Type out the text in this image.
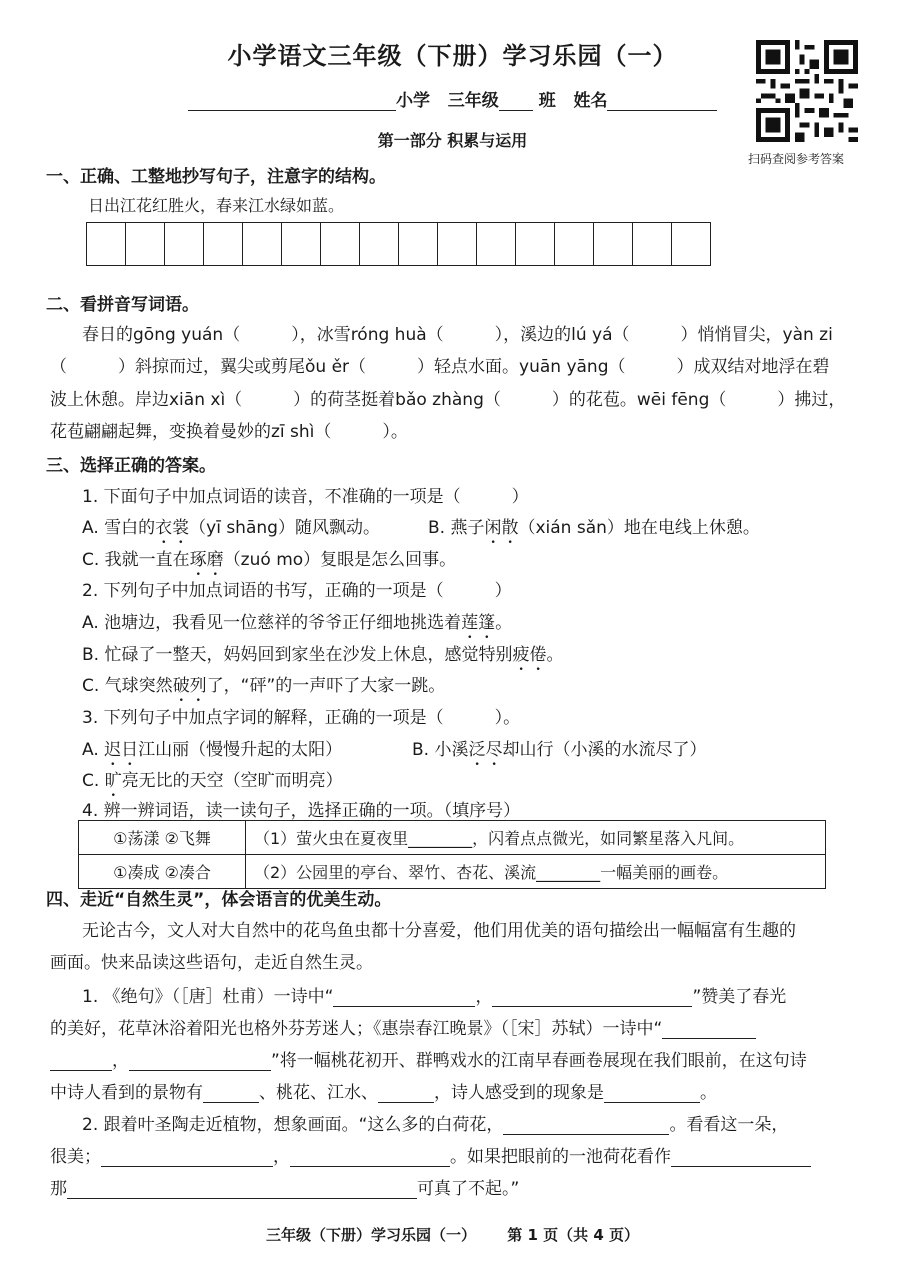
小学语文三年级（下册）学习乐园（一）
小学 三年级 班 姓名
扫码查阅参考答案
第一部分 积累与运用
一、正确、工整地抄写句子，注意字的结构。
日出江花红胜火，春来江水绿如蓝。
二、看拼音写词语。
春日的gōng yuán（　　　），冰雪róng huà（　　　），溪边的lú yá（　　　）悄悄冒尖，yàn zi
（　　　）斜掠而过，翼尖或剪尾ǒu ěr（　　　）轻点水面。yuān yāng（　　　）成双结对地浮在碧
波上休憩。岸边xiān xì（　　　）的荷茎挺着bǎo zhàng（　　　）的花苞。wēi fēng（　　　）拂过，
花苞翩翩起舞，变换着曼妙的zī shì（　　　）。
三、选择正确的答案。
1. 下面句子中加点词语的读音，不准确的一项是（　　　）
A. 雪白的衣裳（yī shāng）随风飘动。	B. 燕子闲散（xián sǎn）地在电线上休憩。
C. 我就一直在琢磨（zuó mo）复眼是怎么回事。
2. 下列句子中加点词语的书写，正确的一项是（　　　）
A. 池塘边，我看见一位慈祥的爷爷正仔细地挑选着莲篷。
B. 忙碌了一整天，妈妈回到家坐在沙发上休息，感觉特别疲倦。
C. 气球突然破列了，“砰”的一声吓了大家一跳。
3. 下列句子中加点字词的解释，正确的一项是（　　　）。
A. 迟日江山丽（慢慢升起的太阳）	B. 小溪泛尽却山行（小溪的水流尽了）
C. 旷亮无比的天空（空旷而明亮）
4. 辨一辨词语，读一读句子，选择正确的一项。（填序号）
①荡漾 ②飞舞	（1）萤火虫在夏夜里________，闪着点点微光，如同繁星落入凡间。
①凑成 ②凑合	（2）公园里的亭台、翠竹、杏花、溪流________一幅美丽的画卷。
四、走近“自然生灵”，体会语言的优美生动。
无论古今，文人对大自然中的花鸟鱼虫都十分喜爱，他们用优美的语句描绘出一幅幅富有生趣的
画面。快来品读这些语句，走近自然生灵。
1. 《绝句》（［唐］杜甫）一诗中“	，	”赞美了春光
的美好，花草沐浴着阳光也格外芬芳迷人；《惠崇春江晚景》（［宋］苏轼）一诗中“
，	”将一幅桃花初开、群鸭戏水的江南早春画卷展现在我们眼前，在这句诗
中诗人看到的景物有	、桃花、江水、	，诗人感受到的现象是	。
2. 跟着叶圣陶走近植物，想象画面。“这么多的白荷花，	。看看这一朵，
很美；	，	。如果把眼前的一池荷花看作
那	可真了不起。”
三年级（下册）学习乐园（一） 第 1 页（共 4 页）
